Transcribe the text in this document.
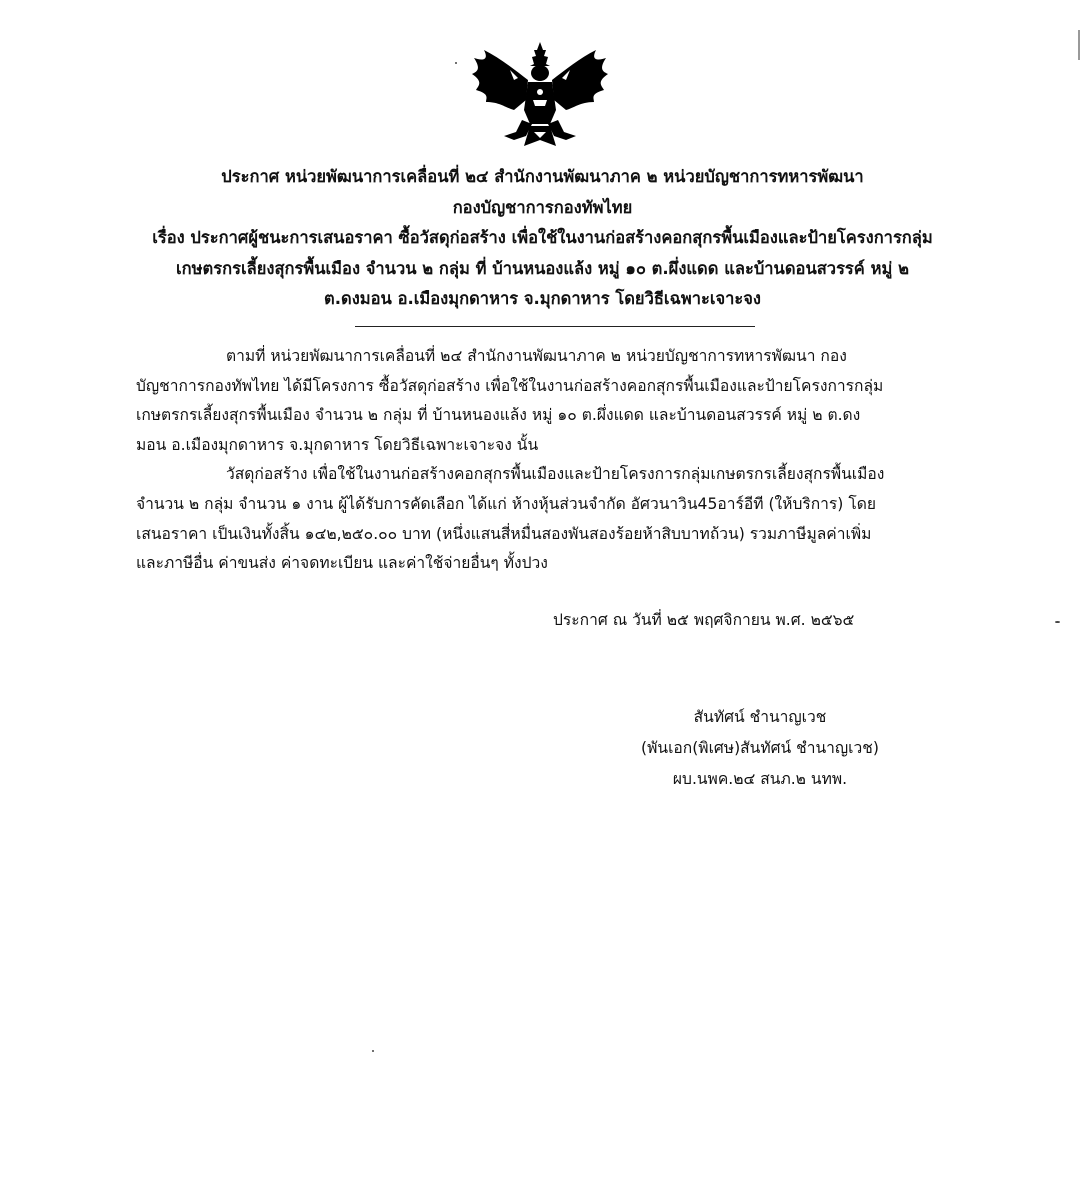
ประกาศ หน่วยพัฒนาการเคลื่อนที่ ๒๔ สำนักงานพัฒนาภาค ๒ หน่วยบัญชาการทหารพัฒนา
กองบัญชาการกองทัพไทย
เรื่อง ประกาศผู้ชนะการเสนอราคา ซื้อวัสดุก่อสร้าง เพื่อใช้ในงานก่อสร้างคอกสุกรพื้นเมืองและป้ายโครงการกลุ่ม
เกษตรกรเลี้ยงสุกรพื้นเมือง จำนวน ๒ กลุ่ม ที่ บ้านหนองแล้ง หมู่ ๑๐ ต.ผึ่งแดด และบ้านดอนสวรรค์ หมู่ ๒
ต.ดงมอน อ.เมืองมุกดาหาร จ.มุกดาหาร โดยวิธีเฉพาะเจาะจง
ตามที่ หน่วยพัฒนาการเคลื่อนที่ ๒๔ สำนักงานพัฒนาภาค ๒ หน่วยบัญชาการทหารพัฒนา กอง
บัญชาการกองทัพไทย ได้มีโครงการ ซื้อวัสดุก่อสร้าง เพื่อใช้ในงานก่อสร้างคอกสุกรพื้นเมืองและป้ายโครงการกลุ่ม
เกษตรกรเลี้ยงสุกรพื้นเมือง จำนวน ๒ กลุ่ม ที่ บ้านหนองแล้ง หมู่ ๑๐ ต.ผึ่งแดด และบ้านดอนสวรรค์ หมู่ ๒ ต.ดง
มอน อ.เมืองมุกดาหาร จ.มุกดาหาร โดยวิธีเฉพาะเจาะจง นั้น
วัสดุก่อสร้าง เพื่อใช้ในงานก่อสร้างคอกสุกรพื้นเมืองและป้ายโครงการกลุ่มเกษตรกรเลี้ยงสุกรพื้นเมือง
จำนวน ๒ กลุ่ม จำนวน ๑ งาน ผู้ได้รับการคัดเลือก ได้แก่ ห้างหุ้นส่วนจำกัด อัศวนาวิน45อาร์อีที (ให้บริการ) โดย
เสนอราคา เป็นเงินทั้งสิ้น ๑๔๒,๒๕๐.๐๐ บาท (หนึ่งแสนสี่หมื่นสองพันสองร้อยห้าสิบบาทถ้วน) รวมภาษีมูลค่าเพิ่ม
และภาษีอื่น ค่าขนส่ง ค่าจดทะเบียน และค่าใช้จ่ายอื่นๆ ทั้งปวง
ประกาศ ณ วันที่ ๒๕ พฤศจิกายน พ.ศ. ๒๕๖๕
สันทัศน์ ชำนาญเวช
(พันเอก(พิเศษ)สันทัศน์ ชำนาญเวช)
ผบ.นพค.๒๔ สนภ.๒ นทพ.
